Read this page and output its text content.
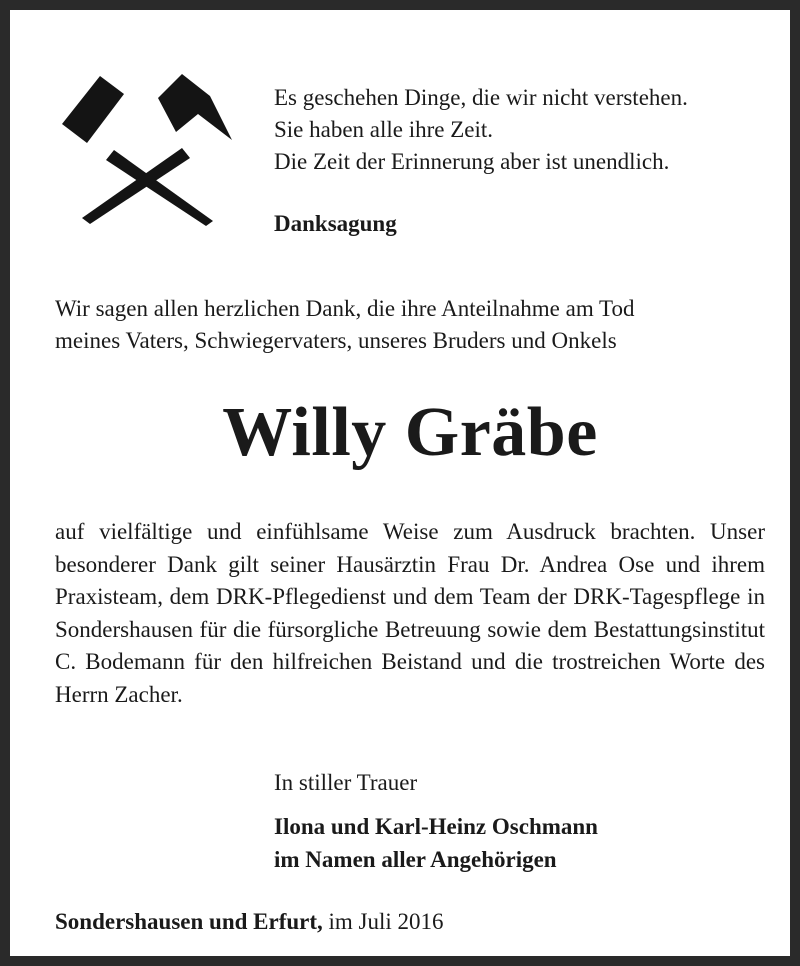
Es geschehen Dinge, die wir nicht verstehen.
Sie haben alle ihre Zeit.
Die Zeit der Erinnerung aber ist unendlich.
Danksagung
Wir sagen allen herzlichen Dank, die ihre Anteilnahme am Tod
meines Vaters, Schwiegervaters, unseres Bruders und Onkels
Willy Gräbe
auf vielfältige und einfühlsame Weise zum Ausdruck brachten. Unser besonderer Dank gilt seiner Hausärztin Frau Dr. Andrea Ose und ihrem Praxisteam, dem DRK-Pflegedienst und dem Team der DRK-Tagespflege in Sondershausen für die fürsorgliche Betreuung sowie dem Bestattungsinstitut C. Bodemann für den hilfreichen Beistand und die trostreichen Worte des Herrn Zacher.
In stiller Trauer
Ilona und Karl-Heinz Oschmann
im Namen aller Angehörigen
Sondershausen und Erfurt, im Juli 2016
